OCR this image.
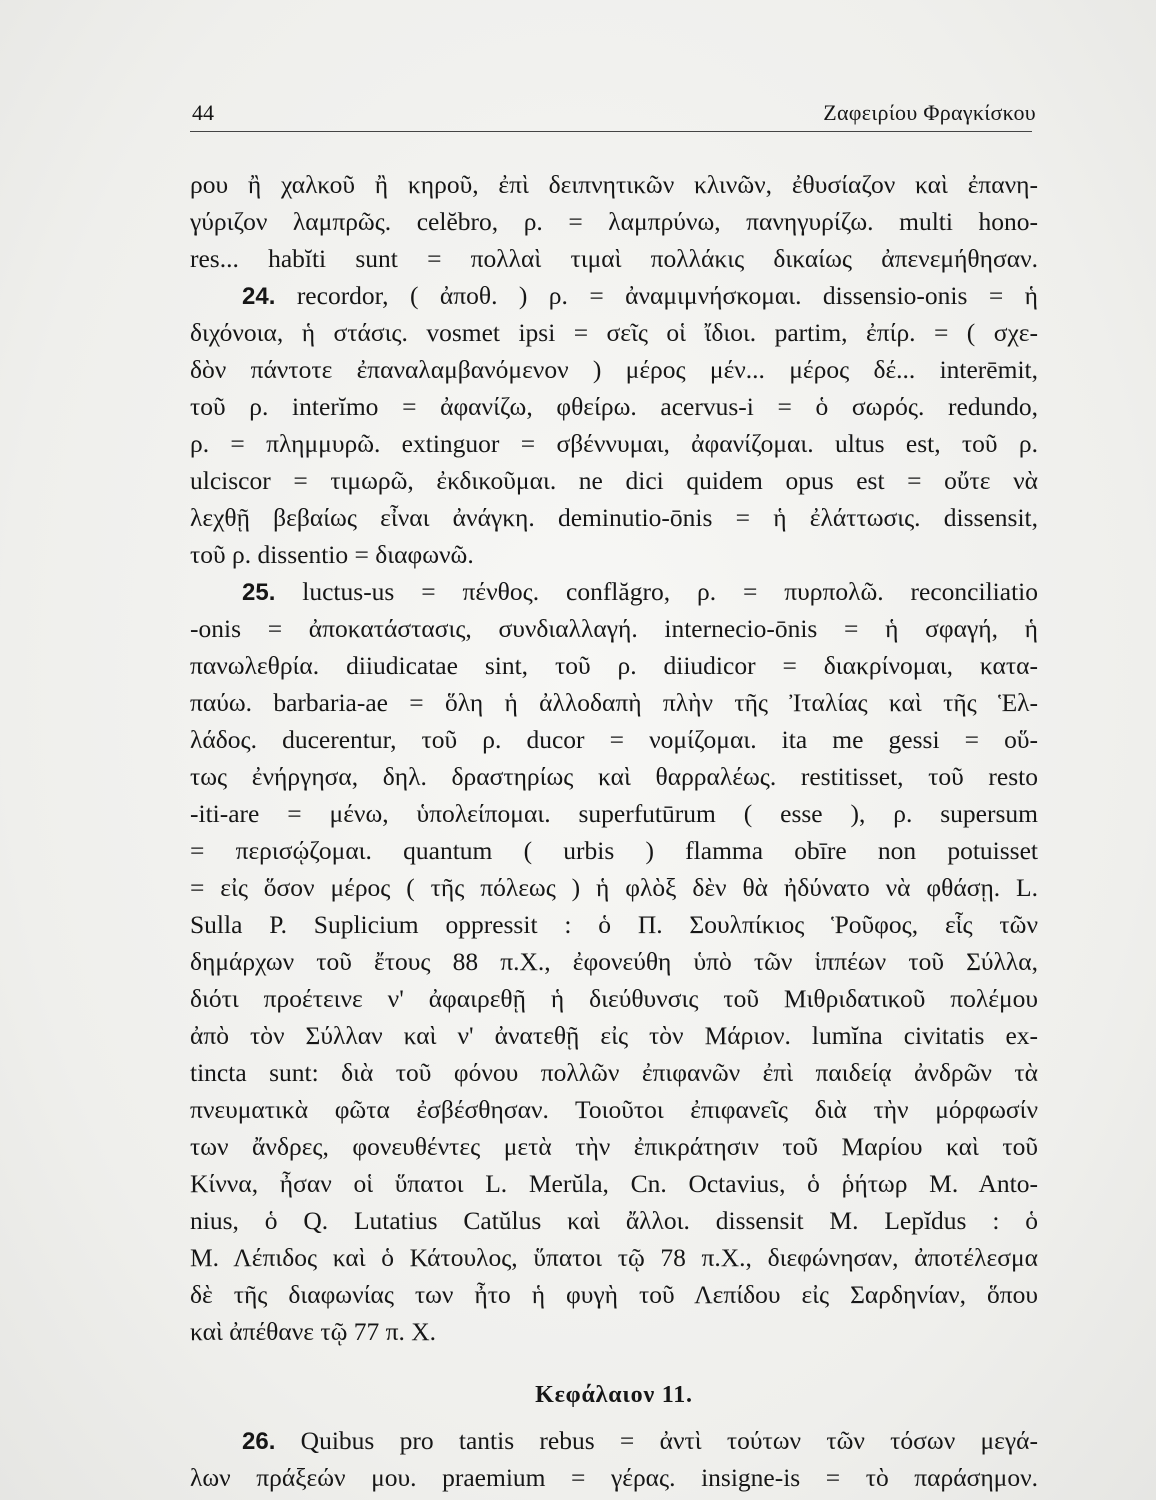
44	Ζαφειρίου Φραγκίσκου
ρου ἢ χαλκοῦ ἢ κηροῦ, ἐπὶ δειπνητικῶν κλινῶν, ἐθυσίαζον καὶ ἐπανη-
γύριζον λαμπρῶς. celĕbro, ρ. = λαμπρύνω, πανηγυρίζω. multi hono-
res... habĭti sunt = πολλαὶ τιμαὶ πολλάκις δικαίως ἀπενεμήθησαν.
24. recordor, ( ἀποθ. ) ρ. = ἀναμιμνήσκομαι. dissensio-onis = ἡ
διχόνοια, ἡ στάσις. vosmet ipsi = σεῖς οἱ ἴδιοι. partim, ἐπίρ. = ( σχε-
δὸν πάντοτε ἐπαναλαμβανόμενον ) μέρος μέν... μέρος δέ... interēmit,
τοῦ ρ. interĭmo = ἀφανίζω, φθείρω. acervus-i = ὁ σωρός. redundo,
ρ. = πλημμυρῶ. extinguor = σβέννυμαι, ἀφανίζομαι. ultus est, τοῦ ρ.
ulciscor = τιμωρῶ, ἐκδικοῦμαι. ne dici quidem opus est = οὔτε νὰ
λεχθῇ βεβαίως εἶναι ἀνάγκη. deminutio-ōnis = ἡ ἐλάττωσις. dissensit,
τοῦ ρ. dissentio = διαφωνῶ.
25. luctus-us = πένθος. conflăgro, ρ. = πυρπολῶ. reconciliatio
-onis = ἀποκατάστασις, συνδιαλλαγή. internecio-ōnis = ἡ σφαγή, ἡ
πανωλεθρία. diiudicatae sint, τοῦ ρ. diiudicor = διακρίνομαι, κατα-
παύω. barbaria-ae = ὅλη ἡ ἀλλοδαπὴ πλὴν τῆς Ἰταλίας καὶ τῆς Ἑλ-
λάδος. ducerentur, τοῦ ρ. ducor = νομίζομαι. ita me gessi = οὕ-
τως ἐνήργησα, δηλ. δραστηρίως καὶ θαρραλέως. restitisset, τοῦ resto
-iti-are = μένω, ὑπολείπομαι. superfutūrum ( esse ), ρ. supersum
= περισῴζομαι. quantum ( urbis ) flamma obīre non potuisset
= εἰς ὅσον μέρος ( τῆς πόλεως ) ἡ φλὸξ δὲν θὰ ἠδύνατο νὰ φθάσῃ. L.
Sulla P. Suplicium oppressit : ὁ Π. Σουλπίκιος Ῥοῦφος, εἷς τῶν
δημάρχων τοῦ ἔτους 88 π.Χ., ἐφονεύθη ὑπὸ τῶν ἱππέων τοῦ Σύλλα,
διότι προέτεινε ν' ἀφαιρεθῇ ἡ διεύθυνσις τοῦ Μιθριδατικοῦ πολέμου
ἀπὸ τὸν Σύλλαν καὶ ν' ἀνατεθῇ εἰς τὸν Μάριον. lumĭna civitatis ex-
tincta sunt: διὰ τοῦ φόνου πολλῶν ἐπιφανῶν ἐπὶ παιδείᾳ ἀνδρῶν τὰ
πνευματικὰ φῶτα ἐσβέσθησαν. Τοιοῦτοι ἐπιφανεῖς διὰ τὴν μόρφωσίν
των ἄνδρες, φονευθέντες μετὰ τὴν ἐπικράτησιν τοῦ Μαρίου καὶ τοῦ
Κίννα, ἦσαν οἱ ὕπατοι L. Merŭla, Cn. Octavius, ὁ ῥήτωρ M. Anto-
nius, ὁ Q. Lutatius Catŭlus καὶ ἄλλοι. dissensit M. Lepĭdus : ὁ
Μ. Λέπιδος καὶ ὁ Κάτουλος, ὕπατοι τῷ 78 π.Χ., διεφώνησαν, ἀποτέλεσμα
δὲ τῆς διαφωνίας των ἦτο ἡ φυγὴ τοῦ Λεπίδου εἰς Σαρδηνίαν, ὅπου
καὶ ἀπέθανε τῷ 77 π. Χ.
Κεφάλαιον 11.
26. Quibus pro tantis rebus = ἀντὶ τούτων τῶν τόσων μεγά-
λων πράξεών μου. praemium = γέρας. insigne-is = τὸ παράσημον.
